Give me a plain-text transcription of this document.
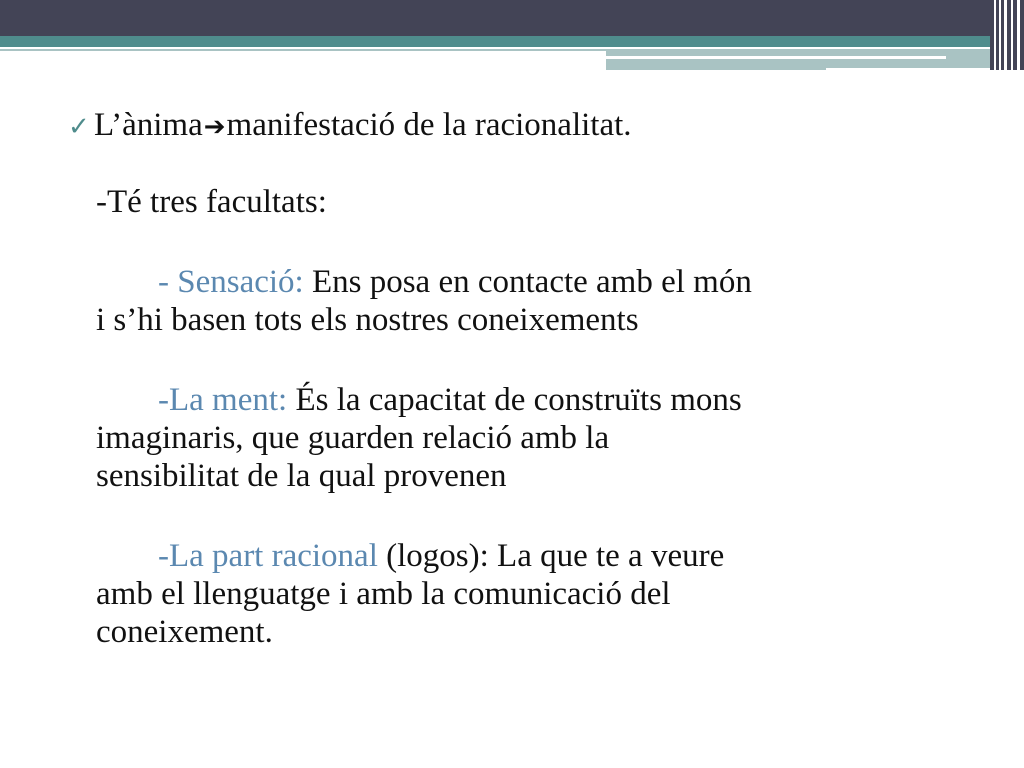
✓ L’ànima ➔ manifestació de la racionalitat.
-Té tres facultats:
- Sensació: Ens posa en contacte amb el món
i s’hi basen tots els nostres coneixements
-La ment: És la capacitat de construïts mons
imaginaris, que guarden relació amb la
sensibilitat de la qual provenen
-La part racional (logos): La que te a veure
amb el llenguatge i amb la comunicació del
coneixement.
